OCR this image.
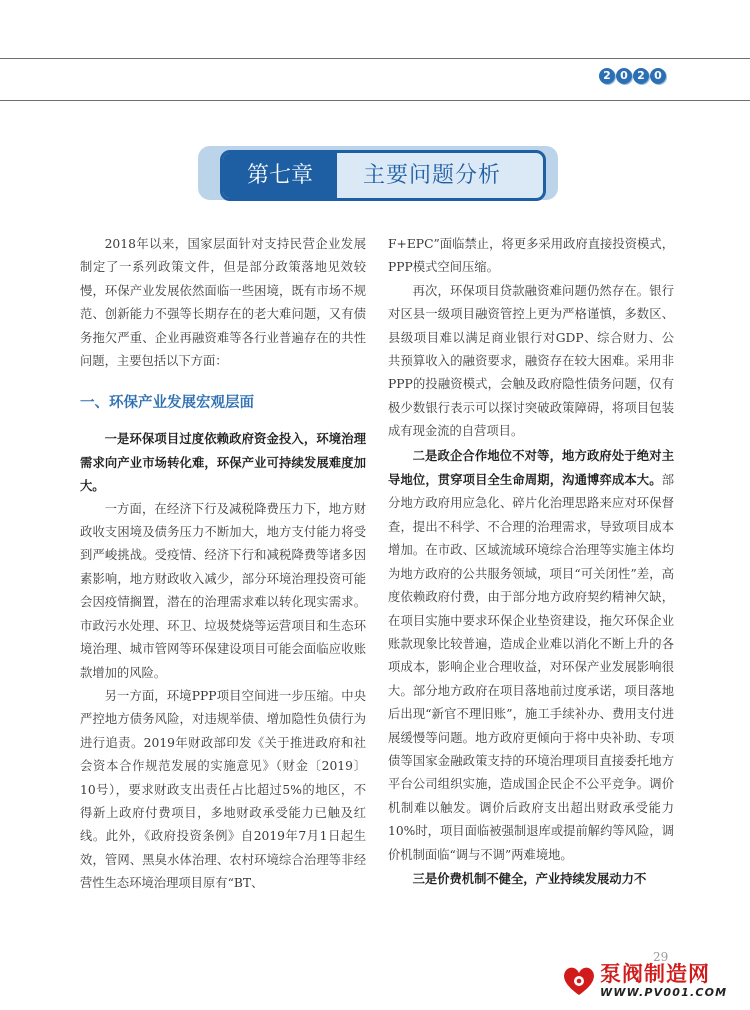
2 0 2 0
第七章	主要问题分析

2018年以来，国家层面针对支持民营企业发展制定了一系列政策文件，但是部分政策落地见效较慢，环保产业发展依然面临一些困境，既有市场不规范、创新能力不强等长期存在的老大难问题，又有债务拖欠严重、企业再融资难等各行业普遍存在的共性问题，主要包括以下方面：

一、环保产业发展宏观层面

一是环保项目过度依赖政府资金投入，环境治理需求向产业市场转化难，环保产业可持续发展难度加大。

一方面，在经济下行及减税降费压力下，地方财政收支困境及债务压力不断加大，地方支付能力将受到严峻挑战。受疫情、经济下行和减税降费等诸多因素影响，地方财政收入减少，部分环境治理投资可能会因疫情搁置，潜在的治理需求难以转化现实需求。市政污水处理、环卫、垃圾焚烧等运营项目和生态环境治理、城市管网等环保建设项目可能会面临应收账款增加的风险。

另一方面，环境PPP项目空间进一步压缩。中央严控地方债务风险，对违规举债、增加隐性负债行为进行追责。2019年财政部印发《关于推进政府和社会资本合作规范发展的实施意见》（财金〔2019〕10号），要求财政支出责任占比超过5%的地区，不得新上政府付费项目，多地财政承受能力已触及红线。此外，《政府投资条例》自2019年7月1日起生效，管网、黑臭水体治理、农村环境综合治理等非经营性生态环境治理项目原有“BT、

F+EPC”面临禁止，将更多采用政府直接投资模式，PPP模式空间压缩。

再次，环保项目贷款融资难问题仍然存在。银行对区县一级项目融资管控上更为严格谨慎，多数区、县级项目难以满足商业银行对GDP、综合财力、公共预算收入的融资要求，融资存在较大困难。采用非PPP的投融资模式，会触及政府隐性债务问题，仅有极少数银行表示可以探讨突破政策障碍，将项目包装成有现金流的自营项目。

二是政企合作地位不对等，地方政府处于绝对主导地位，贯穿项目全生命周期，沟通博弈成本大。部分地方政府用应急化、碎片化治理思路来应对环保督查，提出不科学、不合理的治理需求，导致项目成本增加。在市政、区域流域环境综合治理等实施主体均为地方政府的公共服务领域，项目“可关闭性”差，高度依赖政府付费，由于部分地方政府契约精神欠缺，在项目实施中要求环保企业垫资建设，拖欠环保企业账款现象比较普遍，造成企业难以消化不断上升的各项成本，影响企业合理收益，对环保产业发展影响很大。部分地方政府在项目落地前过度承诺，项目落地后出现“新官不理旧账”，施工手续补办、费用支付进展缓慢等问题。地方政府更倾向于将中央补助、专项债等国家金融政策支持的环境治理项目直接委托地方平台公司组织实施，造成国企民企不公平竞争。调价机制难以触发。调价后政府支出超出财政承受能力10%时，项目面临被强制退库或提前解约等风险，调价机制面临“调与不调”两难境地。

三是价费机制不健全，产业持续发展动力不

29
泵阀制造网
WWW.PV001.COM
